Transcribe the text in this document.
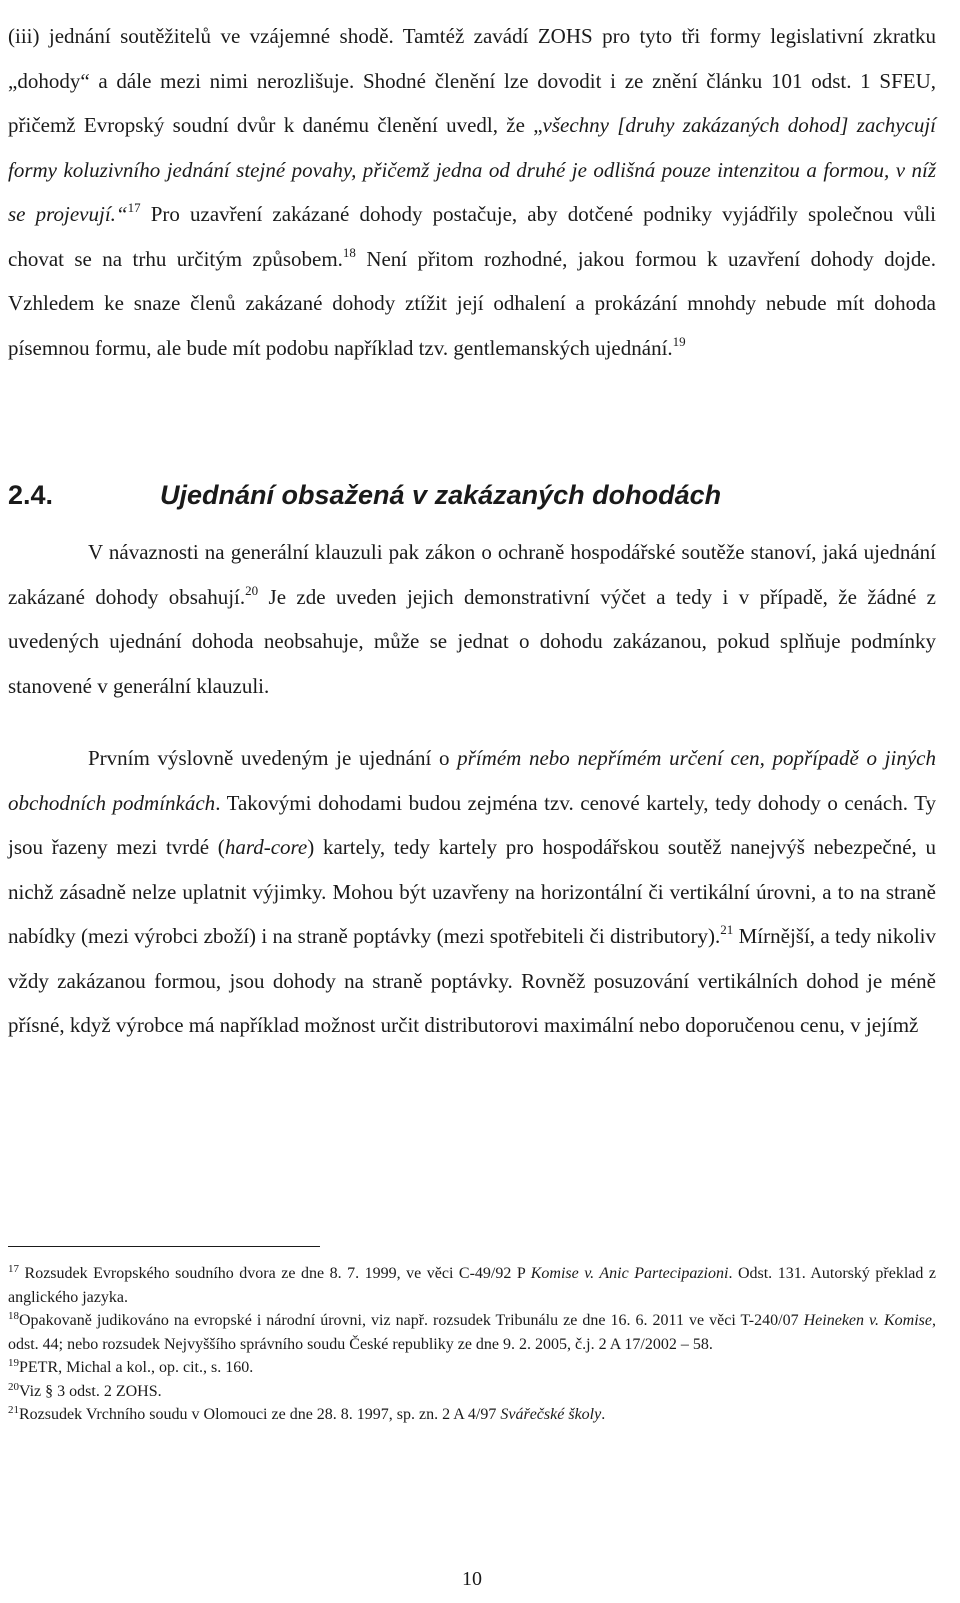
(iii) jednání soutěžitelů ve vzájemné shodě. Tamtéž zavádí ZOHS pro tyto tři formy legislativní zkratku „dohody“ a dále mezi nimi nerozlišuje. Shodné členění lze dovodit i ze znění článku 101 odst. 1 SFEU, přičemž Evropský soudní dvůr k danému členění uvedl, že „všechny [druhy zakázaných dohod] zachycují formy koluzivního jednání stejné povahy, přičemž jedna od druhé je odlišná pouze intenzitou a formou, v níž se projevují.“$^{17}$ Pro uzavření zakázané dohody postačuje, aby dotčené podniky vyjádřily společnou vůli chovat se na trhu určitým způsobem.$^{18}$ Není přitom rozhodné, jakou formou k uzavření dohody dojde. Vzhledem ke snaze členů zakázané dohody ztížit její odhalení a prokázání mnohdy nebude mít dohoda písemnou formu, ale bude mít podobu například tzv. gentlemanských ujednání.$^{19}$

2.4.	Ujednání obsažená v zakázaných dohodách

V návaznosti na generální klauzuli pak zákon o ochraně hospodářské soutěže stanoví, jaká ujednání zakázané dohody obsahují.$^{20}$ Je zde uveden jejich demonstrativní výčet a tedy i v případě, že žádné z uvedených ujednání dohoda neobsahuje, může se jednat o dohodu zakázanou, pokud splňuje podmínky stanovené v generální klauzuli.

Prvním výslovně uvedeným je ujednání o přímém nebo nepřímém určení cen, popřípadě o jiných obchodních podmínkách. Takovými dohodami budou zejména tzv. cenové kartely, tedy dohody o cenách. Ty jsou řazeny mezi tvrdé (hard-core) kartely, tedy kartely pro hospodářskou soutěž nanejvýš nebezpečné, u nichž zásadně nelze uplatnit výjimky. Mohou být uzavřeny na horizontální či vertikální úrovni, a to na straně nabídky (mezi výrobci zboží) i na straně poptávky (mezi spotřebiteli či distributory).$^{21}$ Mírnější, a tedy nikoliv vždy zakázanou formou, jsou dohody na straně poptávky. Rovněž posuzování vertikálních dohod je méně přísné, když výrobce má například možnost určit distributorovi maximální nebo doporučenou cenu, v jejímž

$^{17}$ Rozsudek Evropského soudního dvora ze dne 8. 7. 1999, ve věci C-49/92 P Komise v. Anic Partecipazioni. Odst. 131. Autorský překlad z anglického jazyka.

$^{18}$Opakovaně judikováno na evropské i národní úrovni, viz např. rozsudek Tribunálu ze dne 16. 6. 2011 ve věci T-240/07 Heineken v. Komise, odst. 44; nebo rozsudek Nejvyššího správního soudu České republiky ze dne 9. 2. 2005, č.j. 2 A 17/2002 – 58.

$^{19}$PETR, Michal a kol., op. cit., s. 160.

$^{20}$Viz § 3 odst. 2 ZOHS.

$^{21}$Rozsudek Vrchního soudu v Olomouci ze dne 28. 8. 1997, sp. zn. 2 A 4/97 Svářečské školy.

10
